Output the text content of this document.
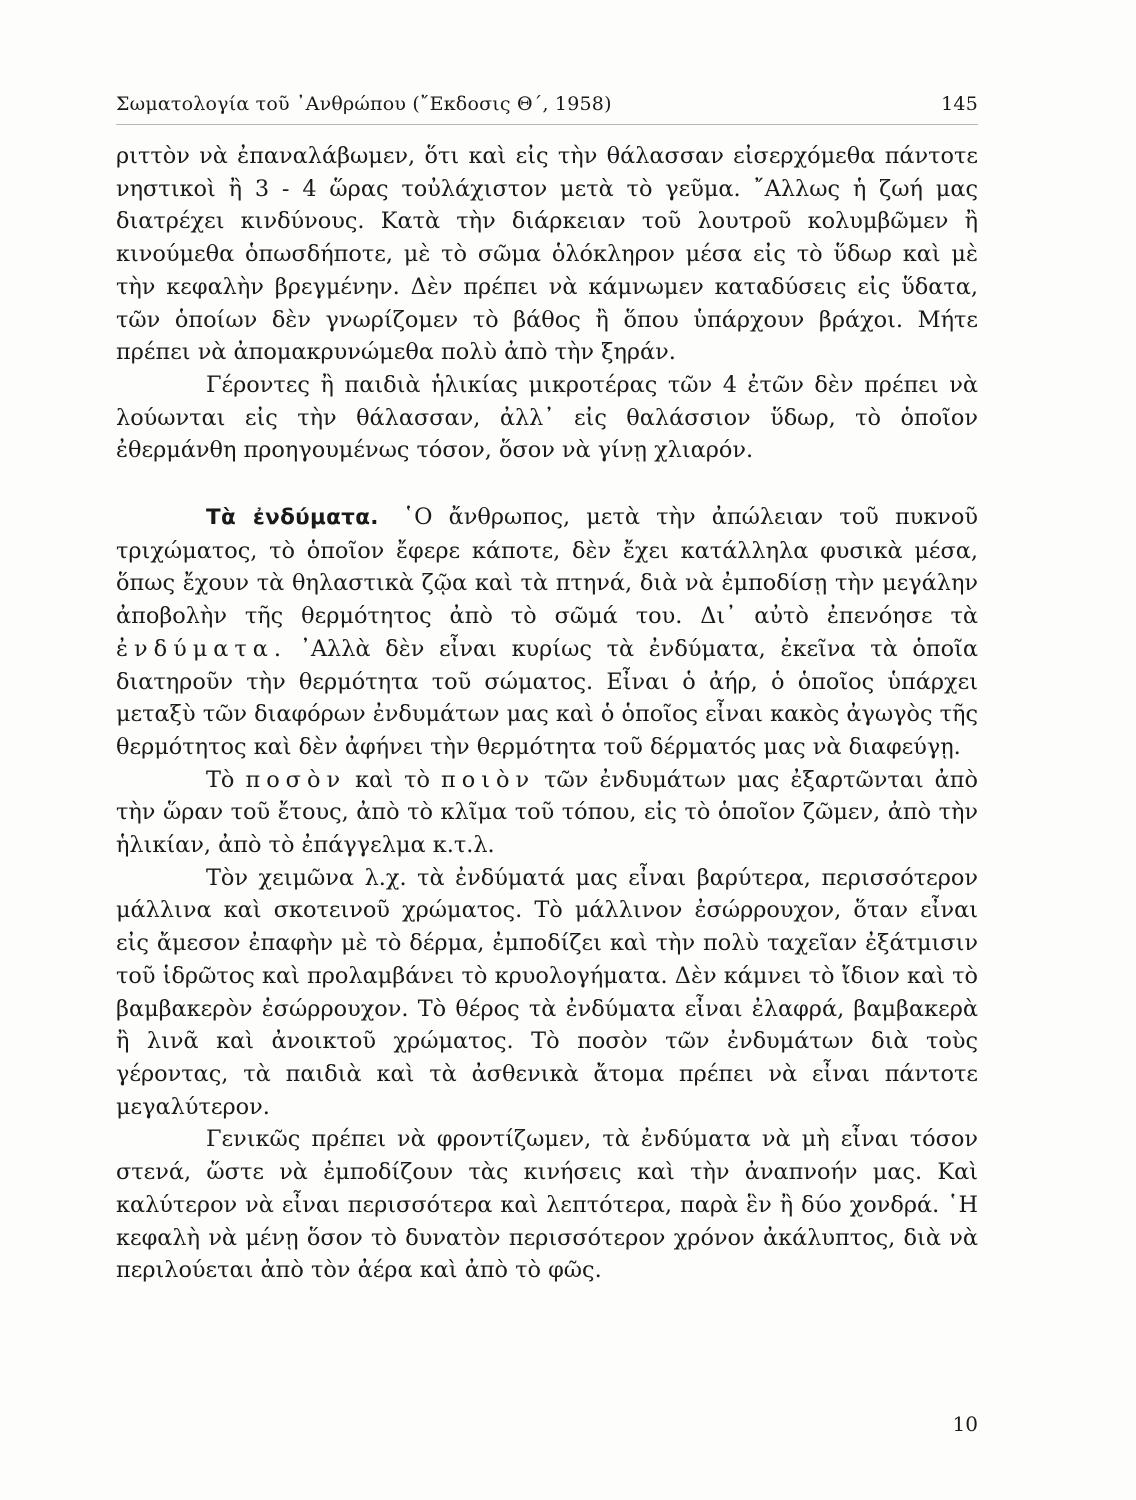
Σωματολογία τοῦ ᾿Ανθρώπου (῎Εκδοσις Θ΄, 1958)	145

ριττὸν νὰ ἐπαναλάβωμεν, ὅτι καὶ εἰς τὴν θάλασσαν εἰσερχόμεθα πάντοτε νηστικοὶ ἢ 3 - 4 ὥρας τοὐλάχιστον μετὰ τὸ γεῦμα. ῎Αλλως ἡ ζωή μας διατρέχει κινδύνους. Κατὰ τὴν διάρκειαν τοῦ λουτροῦ κολυμβῶμεν ἢ κινούμεθα ὁπωσδήποτε, μὲ τὸ σῶμα ὁλόκληρον μέσα εἰς τὸ ὕδωρ καὶ μὲ τὴν κεφαλὴν βρεγμένην. Δὲν πρέπει νὰ κάμνωμεν καταδύσεις εἰς ὕδατα, τῶν ὁποίων δὲν γνωρίζομεν τὸ βάθος ἢ ὅπου ὑπάρχουν βράχοι. Μήτε πρέπει νὰ ἀπομακρυνώμεθα πολὺ ἀπὸ τὴν ξηράν.

Γέροντες ἢ παιδιὰ ἡλικίας μικροτέρας τῶν 4 ἐτῶν δὲν πρέπει νὰ λούωνται εἰς τὴν θάλασσαν, ἀλλ᾿ εἰς θαλάσσιον ὕδωρ, τὸ ὁποῖον ἐθερμάνθη προηγουμένως τόσον, ὅσον νὰ γίνῃ χλιαρόν.

Τὰ ἐνδύματα. ῾Ο ἄνθρωπος, μετὰ τὴν ἀπώλειαν τοῦ πυκνοῦ τριχώματος, τὸ ὁποῖον ἔφερε κάποτε, δὲν ἔχει κατάλληλα φυσικὰ μέσα, ὅπως ἔχουν τὰ θηλαστικὰ ζῷα καὶ τὰ πτηνά, διὰ νὰ ἐμποδίσῃ τὴν μεγάλην ἀποβολὴν τῆς θερμότητος ἀπὸ τὸ σῶμά του. Δι᾿ αὐτὸ ἐπενόησε τὰ ἐνδύματα. ᾿Αλλὰ δὲν εἶναι κυρίως τὰ ἐνδύματα, ἐκεῖνα τὰ ὁποῖα διατηροῦν τὴν θερμότητα τοῦ σώματος. Εἶναι ὁ ἀήρ, ὁ ὁποῖος ὑπάρχει μεταξὺ τῶν διαφόρων ἐνδυμάτων μας καὶ ὁ ὁποῖος εἶναι κακὸς ἀγωγὸς τῆς θερμότητος καὶ δὲν ἀφήνει τὴν θερμότητα τοῦ δέρματός μας νὰ διαφεύγῃ.

Τὸ ποσὸν καὶ τὸ ποιὸν τῶν ἐνδυμάτων μας ἐξαρτῶνται ἀπὸ τὴν ὥραν τοῦ ἔτους, ἀπὸ τὸ κλῖμα τοῦ τόπου, εἰς τὸ ὁποῖον ζῶμεν, ἀπὸ τὴν ἡλικίαν, ἀπὸ τὸ ἐπάγγελμα κ.τ.λ.

Τὸν χειμῶνα λ.χ. τὰ ἐνδύματά μας εἶναι βαρύτερα, περισσότερον μάλλινα καὶ σκοτεινοῦ χρώματος. Τὸ μάλλινον ἐσώρρουχον, ὅταν εἶναι εἰς ἄμεσον ἐπαφὴν μὲ τὸ δέρμα, ἐμποδίζει καὶ τὴν πολὺ ταχεῖαν ἐξάτμισιν τοῦ ἱδρῶτος καὶ προλαμβάνει τὸ κρυολογήματα. Δὲν κάμνει τὸ ἴδιον καὶ τὸ βαμβακερὸν ἐσώρρουχον. Τὸ θέρος τὰ ἐνδύματα εἶναι ἐλαφρά, βαμβακερὰ ἢ λινᾶ καὶ ἀνοικτοῦ χρώματος. Τὸ ποσὸν τῶν ἐνδυμάτων διὰ τοὺς γέροντας, τὰ παιδιὰ καὶ τὰ ἀσθενικὰ ἄτομα πρέπει νὰ εἶναι πάντοτε μεγαλύτερον.

Γενικῶς πρέπει νὰ φροντίζωμεν, τὰ ἐνδύματα νὰ μὴ εἶναι τόσον στενά, ὥστε νὰ ἐμποδίζουν τὰς κινήσεις καὶ τὴν ἀναπνοήν μας. Καὶ καλύτερον νὰ εἶναι περισσότερα καὶ λεπτότερα, παρὰ ἓν ἢ δύο χονδρά. ῾Η κεφαλὴ νὰ μένῃ ὅσον τὸ δυνατὸν περισσότερον χρόνον ἀκάλυπτος, διὰ νὰ περιλούεται ἀπὸ τὸν ἀέρα καὶ ἀπὸ τὸ φῶς.

10
